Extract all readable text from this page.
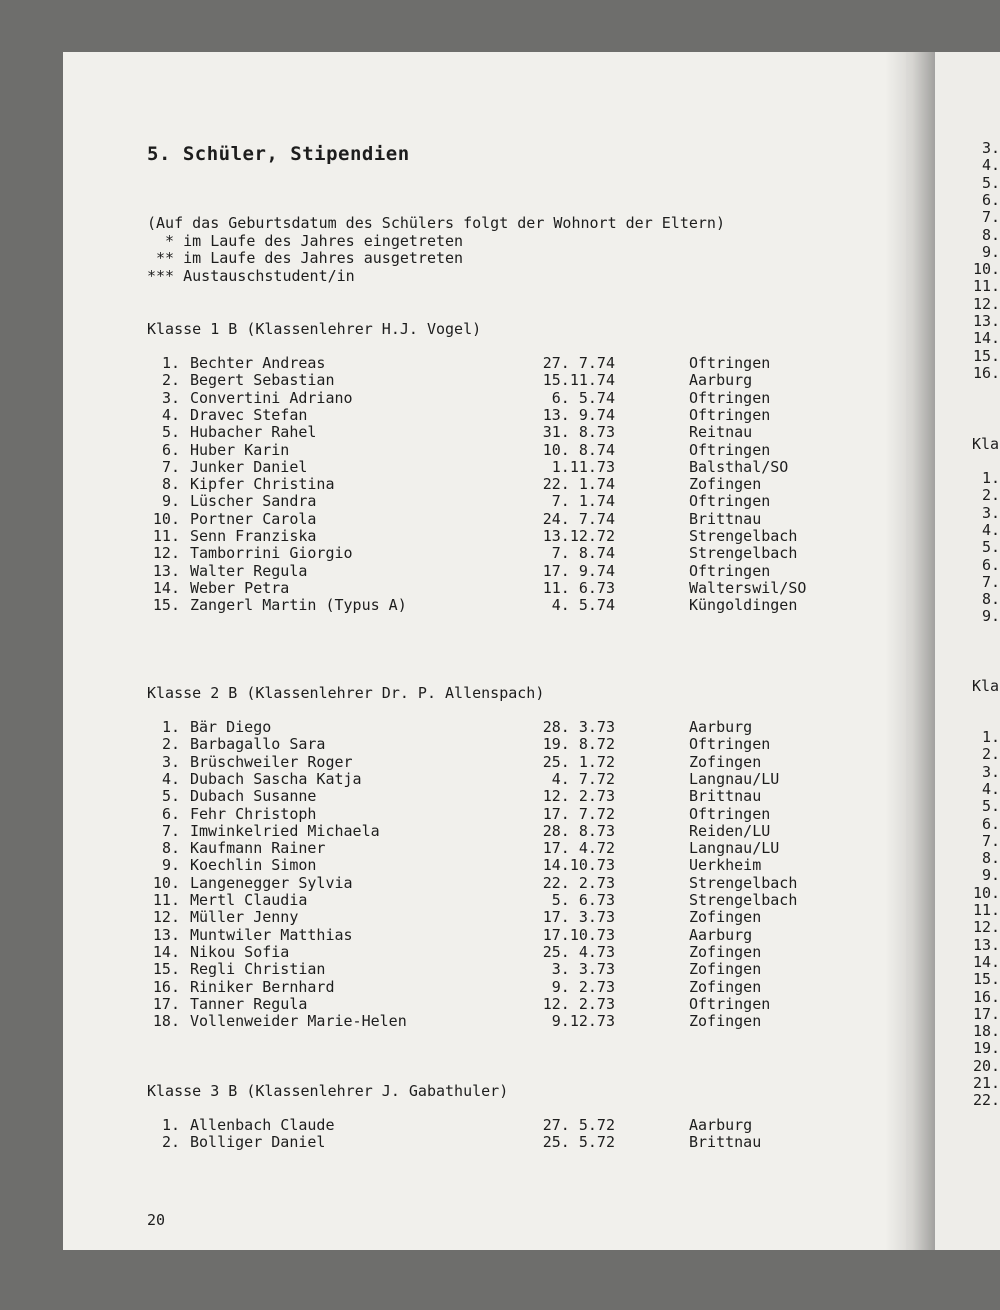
3.
4.
5.
6.
7.
8.
9.
10.
11.
12.
13.
14.
15.
16.
Kla
1.
2.
3.
4.
5.
6.
7.
8.
9.
Kla
1.
2.
3.
4.
5.
6.
7.
8.
9.
10.
11.
12.
13.
14.
15.
16.
17.
18.
19.
20.
21.
22.
5. Schüler, Stipendien
(Auf das Geburtsdatum des Schülers folgt der Wohnort der Eltern)
* im Laufe des Jahres eingetreten
** im Laufe des Jahres ausgetreten
*** Austauschstudent/in
Klasse 1 B (Klassenlehrer H.J. Vogel)
1. Bechter Andreas	27. 7.74	Oftringen
2. Begert Sebastian	15.11.74	Aarburg
3. Convertini Adriano	6. 5.74	Oftringen
4. Dravec Stefan	13. 9.74	Oftringen
5. Hubacher Rahel	31. 8.73	Reitnau
6. Huber Karin	10. 8.74	Oftringen
7. Junker Daniel	1.11.73	Balsthal/SO
8. Kipfer Christina	22. 1.74	Zofingen
9. Lüscher Sandra	7. 1.74	Oftringen
10. Portner Carola	24. 7.74	Brittnau
11. Senn Franziska	13.12.72	Strengelbach
12. Tamborrini Giorgio	7. 8.74	Strengelbach
13. Walter Regula	17. 9.74	Oftringen
14. Weber Petra	11. 6.73	Walterswil/SO
15. Zangerl Martin (Typus A)	4. 5.74	Küngoldingen
Klasse 2 B (Klassenlehrer Dr. P. Allenspach)
1. Bär Diego	28. 3.73	Aarburg
2. Barbagallo Sara	19. 8.72	Oftringen
3. Brüschweiler Roger	25. 1.72	Zofingen
4. Dubach Sascha Katja	4. 7.72	Langnau/LU
5. Dubach Susanne	12. 2.73	Brittnau
6. Fehr Christoph	17. 7.72	Oftringen
7. Imwinkelried Michaela	28. 8.73	Reiden/LU
8. Kaufmann Rainer	17. 4.72	Langnau/LU
9. Koechlin Simon	14.10.73	Uerkheim
10. Langenegger Sylvia	22. 2.73	Strengelbach
11. Mertl Claudia	5. 6.73	Strengelbach
12. Müller Jenny	17. 3.73	Zofingen
13. Muntwiler Matthias	17.10.73	Aarburg
14. Nikou Sofia	25. 4.73	Zofingen
15. Regli Christian	3. 3.73	Zofingen
16. Riniker Bernhard	9. 2.73	Zofingen
17. Tanner Regula	12. 2.73	Oftringen
18. Vollenweider Marie-Helen	9.12.73	Zofingen
Klasse 3 B (Klassenlehrer J. Gabathuler)
1. Allenbach Claude	27. 5.72	Aarburg
2. Bolliger Daniel	25. 5.72	Brittnau
20
